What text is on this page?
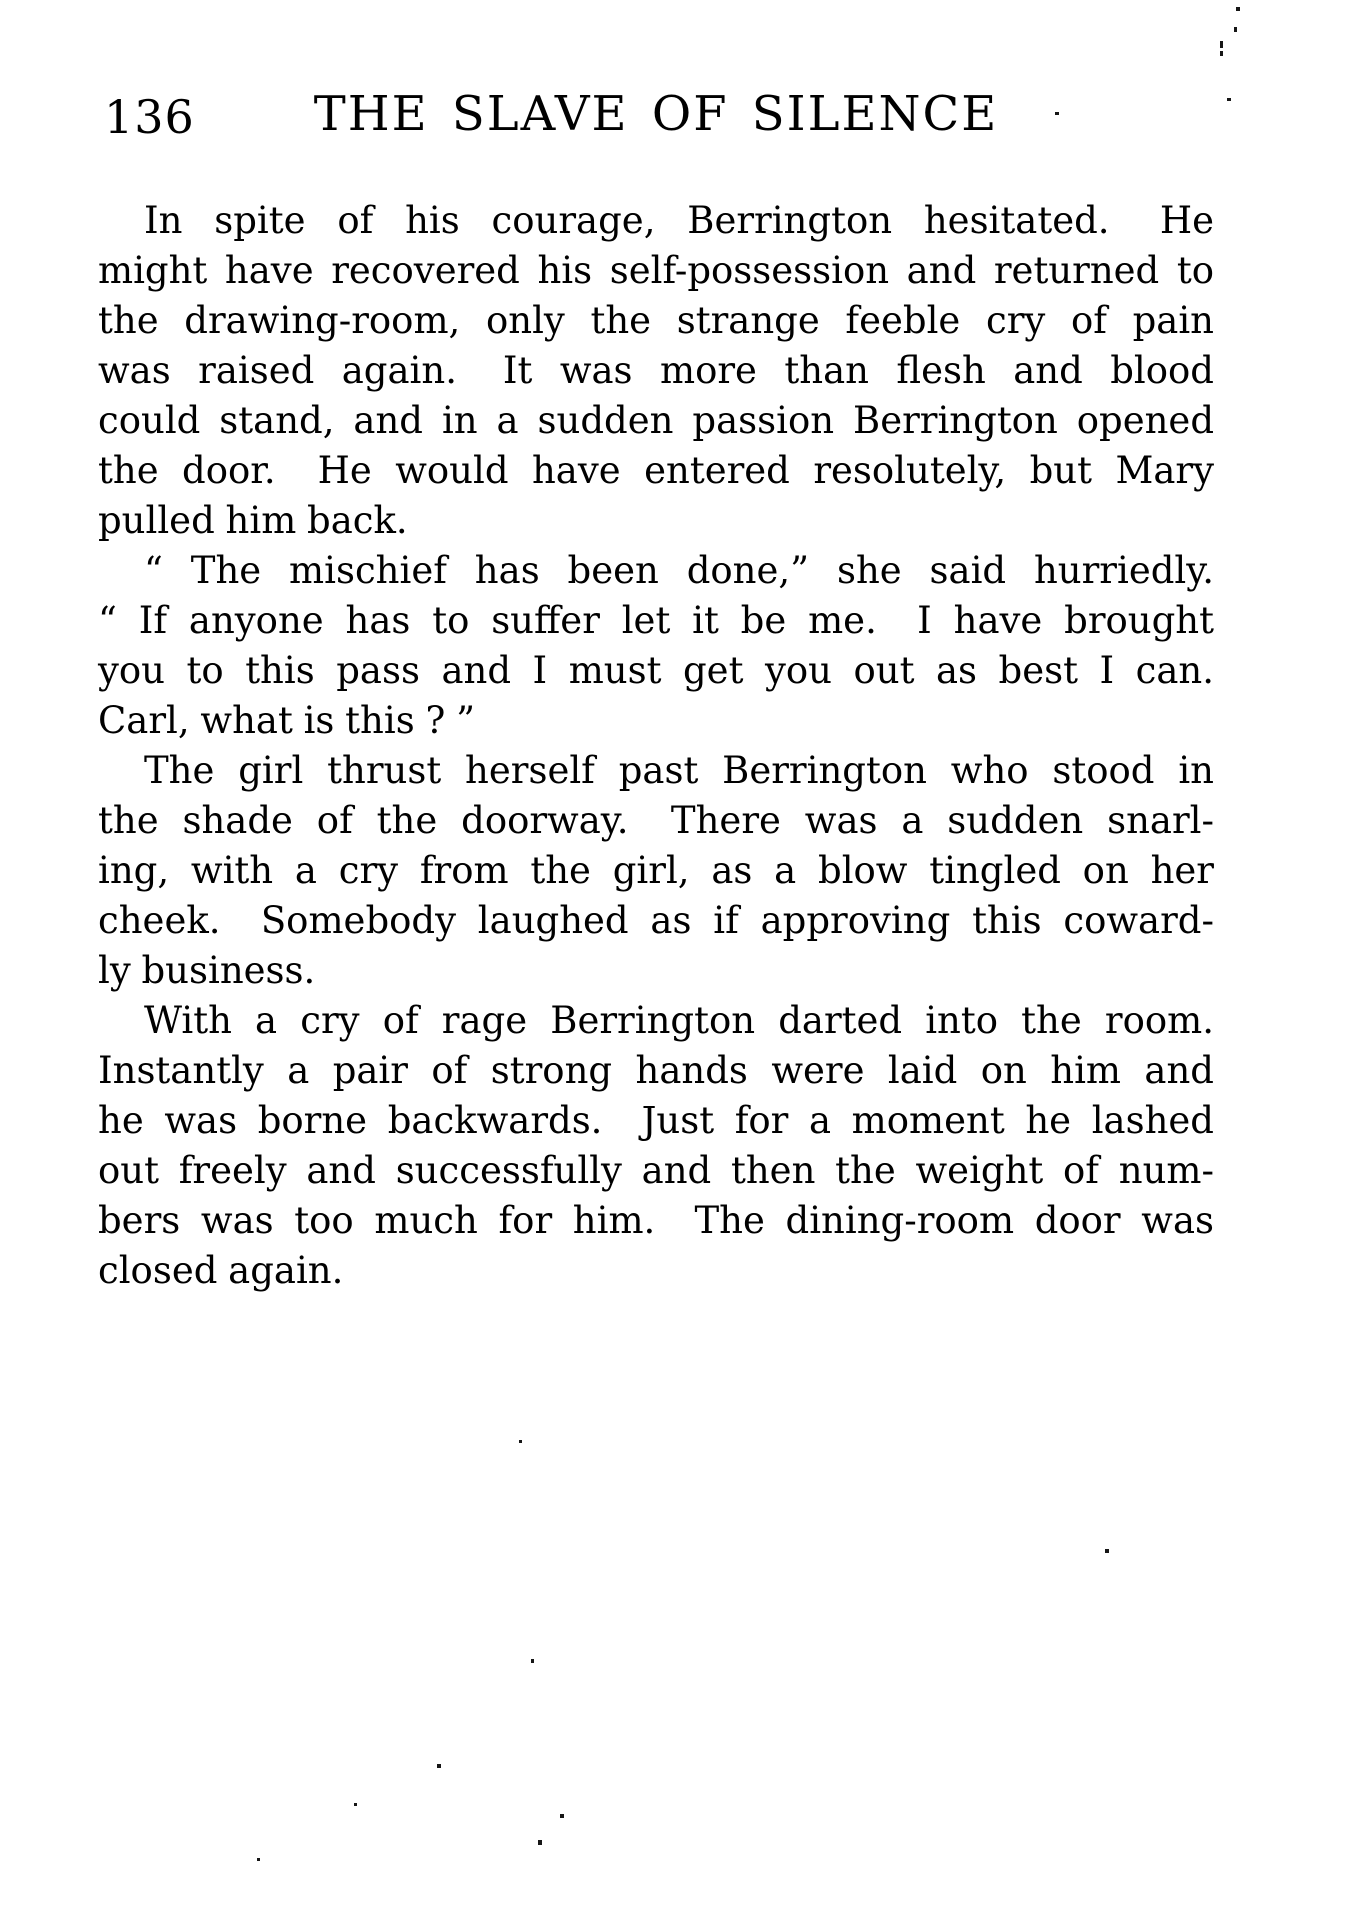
136	THE SLAVE OF SILENCE
In spite of his courage, Berrington hesitated.  He
might have recovered his self-possession and returned to
the drawing-room, only the strange feeble cry of pain
was raised again.  It was more than flesh and blood
could stand, and in a sudden passion Berrington opened
the door.  He would have entered resolutely, but Mary
pulled him back.
“ The mischief has been done,” she said hurriedly.
“ If anyone has to suffer let it be me.  I have brought
you to this pass and I must get you out as best I can.
Carl, what is this ? ”
The girl thrust herself past Berrington who stood in
the shade of the doorway.  There was a sudden snarl-
ing, with a cry from the girl, as a blow tingled on her
cheek.  Somebody laughed as if approving this coward-
ly business.
With a cry of rage Berrington darted into the room.
Instantly a pair of strong hands were laid on him and
he was borne backwards.  Just for a moment he lashed
out freely and successfully and then the weight of num-
bers was too much for him.  The dining-room door was
closed again.
